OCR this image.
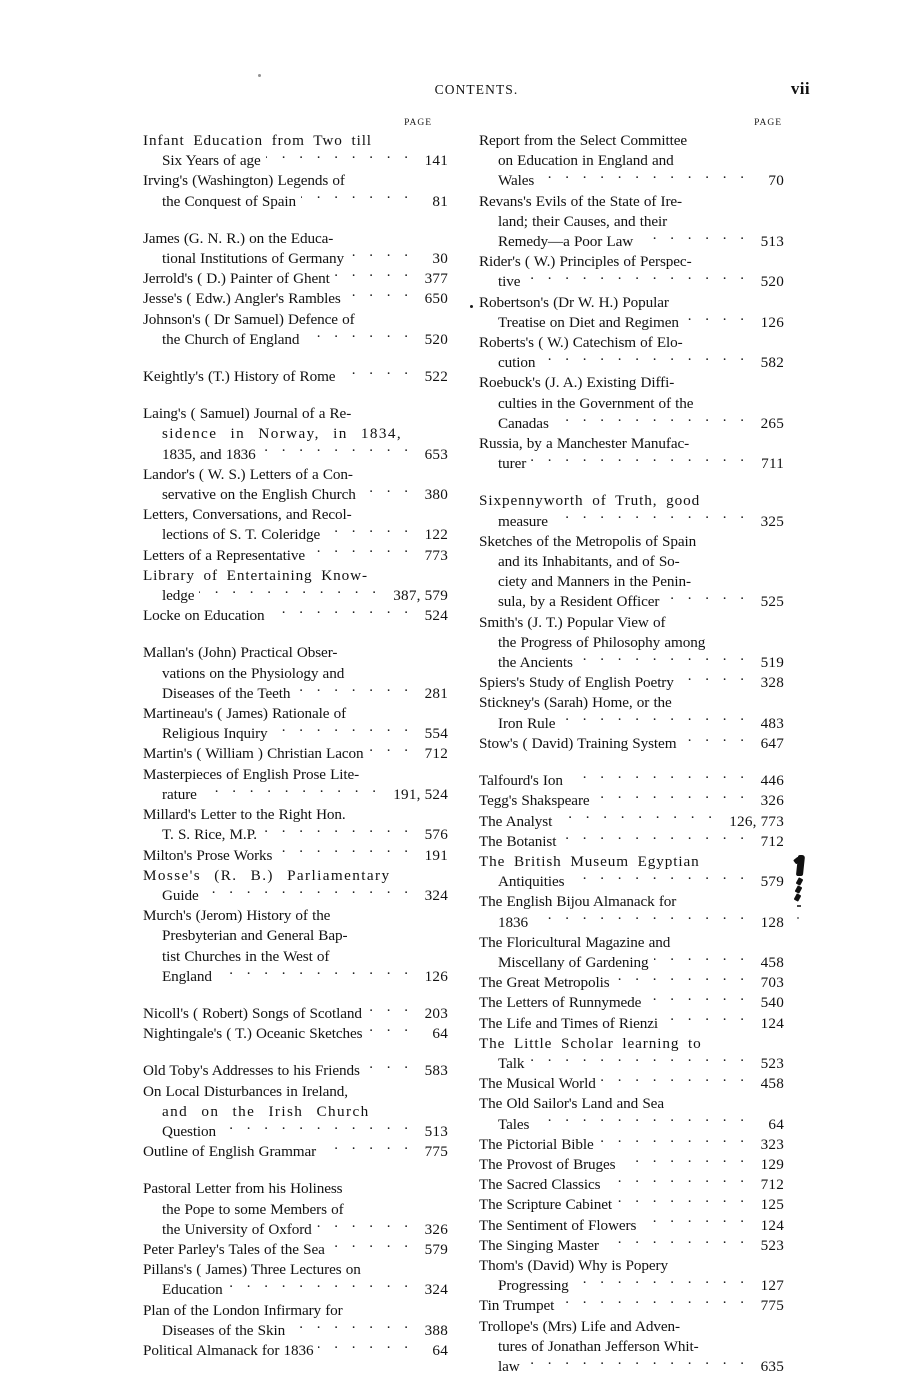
CONTENTS.	vii
PAGE
Infant Education from Two till
Six Years of age . .	141
Irving's (Washington) Legends of
the Conquest of Spain . .	81
James (G. N. R.) on the Educa-
tional Institutions of Germany . .	30
Jerrold's ( D.) Painter of Ghent . .	377
Jesse's ( Edw.) Angler's Rambles . .	650
Johnson's ( Dr Samuel) Defence of
the Church of England . .	520
Keightly's (T.) History of Rome . .	522
Laing's ( Samuel) Journal of a Re-
sidence in Norway, in 1834,
1835, and 1836 . .	653
Landor's ( W. S.) Letters of a Con-
servative on the English Church . .	380
Letters, Conversations, and Recol-
lections of S. T. Coleridge . .	122
Letters of a Representative . .	773
Library of Entertaining Know-
ledge . .	387, 579
Locke on Education . .	524
Mallan's (John) Practical Obser-
vations on the Physiology and
Diseases of the Teeth . .	281
Martineau's ( James) Rationale of
Religious Inquiry . .	554
Martin's ( William ) Christian Lacon . .	712
Masterpieces of English Prose Lite-
rature . .	191, 524
Millard's Letter to the Right Hon.
T. S. Rice, M.P. . .	576
Milton's Prose Works . .	191
Mosse's (R. B.) Parliamentary
Guide . .	324
Murch's (Jerom) History of the
Presbyterian and General Bap-
tist Churches in the West of
England . .	126
Nicoll's ( Robert) Songs of Scotland . .	203
Nightingale's ( T.) Oceanic Sketches . .	64
Old Toby's Addresses to his Friends . .	583
On Local Disturbances in Ireland,
and on the Irish Church
Question . .	513
Outline of English Grammar . .	775
Pastoral Letter from his Holiness
the Pope to some Members of
the University of Oxford . .	326
Peter Parley's Tales of the Sea . .	579
Pillans's ( James) Three Lectures on
Education . .	324
Plan of the London Infirmary for
Diseases of the Skin . .	388
Political Almanack for 1836 . .	64
PAGE
Report from the Select Committee
on Education in England and
Wales . .	70
Revans's Evils of the State of Ire-
land; their Causes, and their
Remedy—a Poor Law . .	513
Rider's ( W.) Principles of Perspec-
tive . .	520
Robertson's (Dr W. H.) Popular
Treatise on Diet and Regimen . .	126
Roberts's ( W.) Catechism of Elo-
cution . .	582
Roebuck's (J. A.) Existing Diffi-
culties in the Government of the
Canadas . .	265
Russia, by a Manchester Manufac-
turer . .	711
Sixpennyworth of Truth, good
measure . .	325
Sketches of the Metropolis of Spain
and its Inhabitants, and of So-
ciety and Manners in the Penin-
sula, by a Resident Officer . .	525
Smith's (J. T.) Popular View of
the Progress of Philosophy among
the Ancients . .	519
Spiers's Study of English Poetry . .	328
Stickney's (Sarah) Home, or the
Iron Rule . .	483
Stow's ( David) Training System . .	647
Talfourd's Ion . .	446
Tegg's Shakspeare . .	326
The Analyst . .	126, 773
The Botanist . .	712
The British Museum Egyptian
Antiquities . .	579
The English Bijou Almanack for
1836 . .	128
The Floricultural Magazine and
Miscellany of Gardening . .	458
The Great Metropolis . .	703
The Letters of Runnymede . .	540
The Life and Times of Rienzi . .	124
The Little Scholar learning to
Talk . .	523
The Musical World . .	458
The Old Sailor's Land and Sea
Tales . .	64
The Pictorial Bible . .	323
The Provost of Bruges . .	129
The Sacred Classics . .	712
The Scripture Cabinet . .	125
The Sentiment of Flowers . .	124
The Singing Master . .	523
Thom's (David) Why is Popery
Progressing . .	127
Tin Trumpet . .	775
Trollope's (Mrs) Life and Adven-
tures of Jonathan Jefferson Whit-
law . .	635
